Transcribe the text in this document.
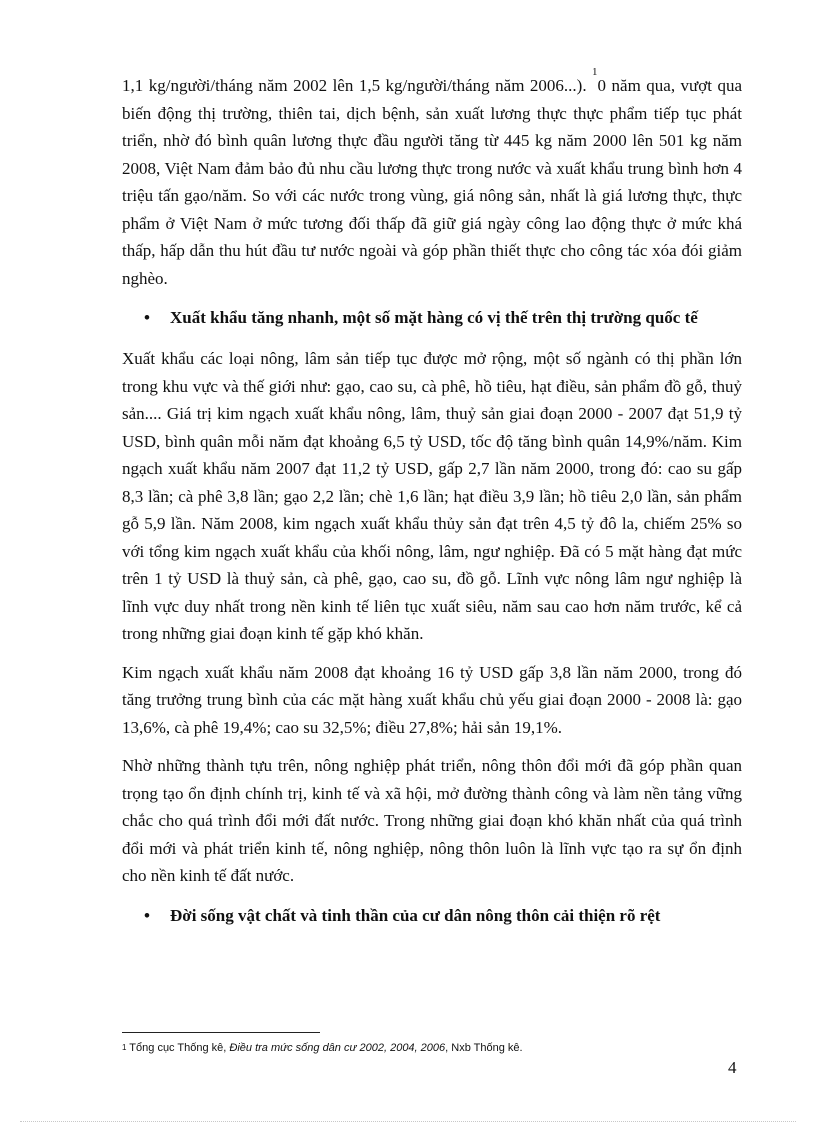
1,1 kg/người/tháng năm 2002 lên 1,5 kg/người/tháng năm 2006...). $^1$0 năm qua, vượt qua biến động thị trường, thiên tai, dịch bệnh, sản xuất lương thực thực phẩm tiếp tục phát triển, nhờ đó bình quân lương thực đầu người tăng từ 445 kg năm 2000 lên 501 kg năm 2008, Việt Nam đảm bảo đủ nhu cầu lương thực trong nước và xuất khẩu trung bình hơn 4 triệu tấn gạo/năm. So với các nước trong vùng, giá nông sản, nhất là giá lương thực, thực phẩm ở Việt Nam ở mức tương đối thấp đã giữ giá ngày công lao động thực ở mức khá thấp, hấp dẫn thu hút đầu tư nước ngoài và góp phần thiết thực cho công tác xóa đói giảm nghèo.

• Xuất khẩu tăng nhanh, một số mặt hàng có vị thế trên thị trường quốc tế

Xuất khẩu các loại nông, lâm sản tiếp tục được mở rộng, một số ngành có thị phần lớn trong khu vực và thế giới như: gạo, cao su, cà phê, hồ tiêu, hạt điều, sản phẩm đồ gỗ, thuỷ sản.... Giá trị kim ngạch xuất khẩu nông, lâm, thuỷ sản giai đoạn 2000 - 2007 đạt 51,9 tỷ USD, bình quân mỗi năm đạt khoảng 6,5 tỷ USD, tốc độ tăng bình quân 14,9%/năm. Kim ngạch xuất khẩu năm 2007 đạt 11,2 tỷ USD, gấp 2,7 lần năm 2000, trong đó: cao su gấp 8,3 lần; cà phê 3,8 lần; gạo 2,2 lần; chè 1,6 lần; hạt điều 3,9 lần; hồ tiêu 2,0 lần, sản phẩm gỗ 5,9 lần. Năm 2008, kim ngạch xuất khẩu thủy sản đạt trên 4,5 tỷ đô la, chiếm 25% so với tổng kim ngạch xuất khẩu của khối nông, lâm, ngư nghiệp. Đã có 5 mặt hàng đạt mức trên 1 tỷ USD là thuỷ sản, cà phê, gạo, cao su, đồ gỗ. Lĩnh vực nông lâm ngư nghiệp là lĩnh vực duy nhất trong nền kinh tế liên tục xuất siêu, năm sau cao hơn năm trước, kể cả trong những giai đoạn kinh tế gặp khó khăn.

Kim ngạch xuất khẩu năm 2008 đạt khoảng 16 tỷ USD gấp 3,8 lần năm 2000, trong đó tăng trưởng trung bình của các mặt hàng xuất khẩu chủ yếu giai đoạn 2000 - 2008 là: gạo 13,6%, cà phê 19,4%; cao su 32,5%; điều 27,8%; hải sản 19,1%.

Nhờ những thành tựu trên, nông nghiệp phát triển, nông thôn đổi mới đã góp phần quan trọng tạo ổn định chính trị, kinh tế và xã hội, mở đường thành công và làm nền tảng vững chắc cho quá trình đổi mới đất nước. Trong những giai đoạn khó khăn nhất của quá trình đổi mới và phát triển kinh tế, nông nghiệp, nông thôn luôn là lĩnh vực tạo ra sự ổn định cho nền kinh tế đất nước.

• Đời sống vật chất và tinh thần của cư dân nông thôn cải thiện rõ rệt
$^1$ Tổng cục Thống kê, Điều tra mức sống dân cư 2002, 2004, 2006, Nxb Thống kê.
4
